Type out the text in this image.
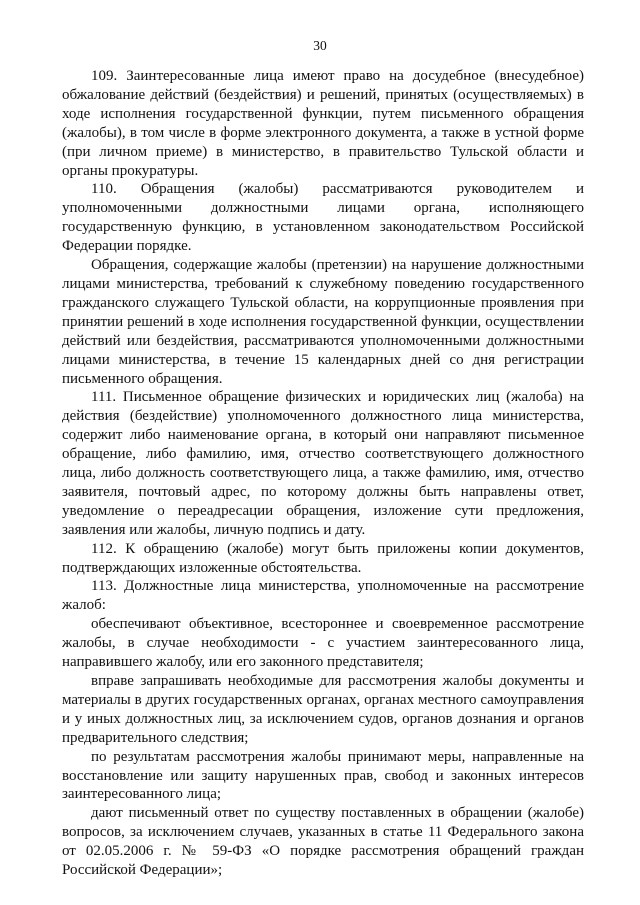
30

109. Заинтересованные лица имеют право на досудебное (внесудебное) обжалование действий (бездействия) и решений, принятых (осуществляемых) в ходе исполнения государственной функции, путем письменного обращения (жалобы), в том числе в форме электронного документа, а также в устной форме (при личном приеме) в министерство, в правительство Тульской области и органы прокуратуры.

110. Обращения (жалобы) рассматриваются руководителем и уполномоченными должностными лицами органа, исполняющего государственную функцию, в установленном законодательством Российской Федерации порядке.

Обращения, содержащие жалобы (претензии) на нарушение должностными лицами министерства, требований к служебному поведению государственного гражданского служащего Тульской области, на коррупционные проявления при принятии решений в ходе исполнения государственной функции, осуществлении действий или бездействия, рассматриваются уполномоченными должностными лицами министерства, в течение 15 календарных дней со дня регистрации письменного обращения.

111. Письменное обращение физических и юридических лиц (жалоба) на действия (бездействие) уполномоченного должностного лица министерства, содержит либо наименование органа, в который они направляют письменное обращение, либо фамилию, имя, отчество соответствующего должностного лица, либо должность соответствующего лица, а также фамилию, имя, отчество заявителя, почтовый адрес, по которому должны быть направлены ответ, уведомление о переадресации обращения, изложение сути предложения, заявления или жалобы, личную подпись и дату.

112. К обращению (жалобе) могут быть приложены копии документов, подтверждающих изложенные обстоятельства.

113. Должностные лица министерства, уполномоченные на рассмотрение жалоб:

обеспечивают объективное, всестороннее и своевременное рассмотрение жалобы, в случае необходимости - с участием заинтересованного лица, направившего жалобу, или его законного представителя;

вправе запрашивать необходимые для рассмотрения жалобы документы и материалы в других государственных органах, органах местного самоуправления и у иных должностных лиц, за исключением судов, органов дознания и органов предварительного следствия;

по результатам рассмотрения жалобы принимают меры, направленные на восстановление или защиту нарушенных прав, свобод и законных интересов заинтересованного лица;

дают письменный ответ по существу поставленных в обращении (жалобе) вопросов, за исключением случаев, указанных в статье 11 Федерального закона от 02.05.2006 г. № 59-ФЗ «О порядке рассмотрения обращений граждан Российской Федерации»;
